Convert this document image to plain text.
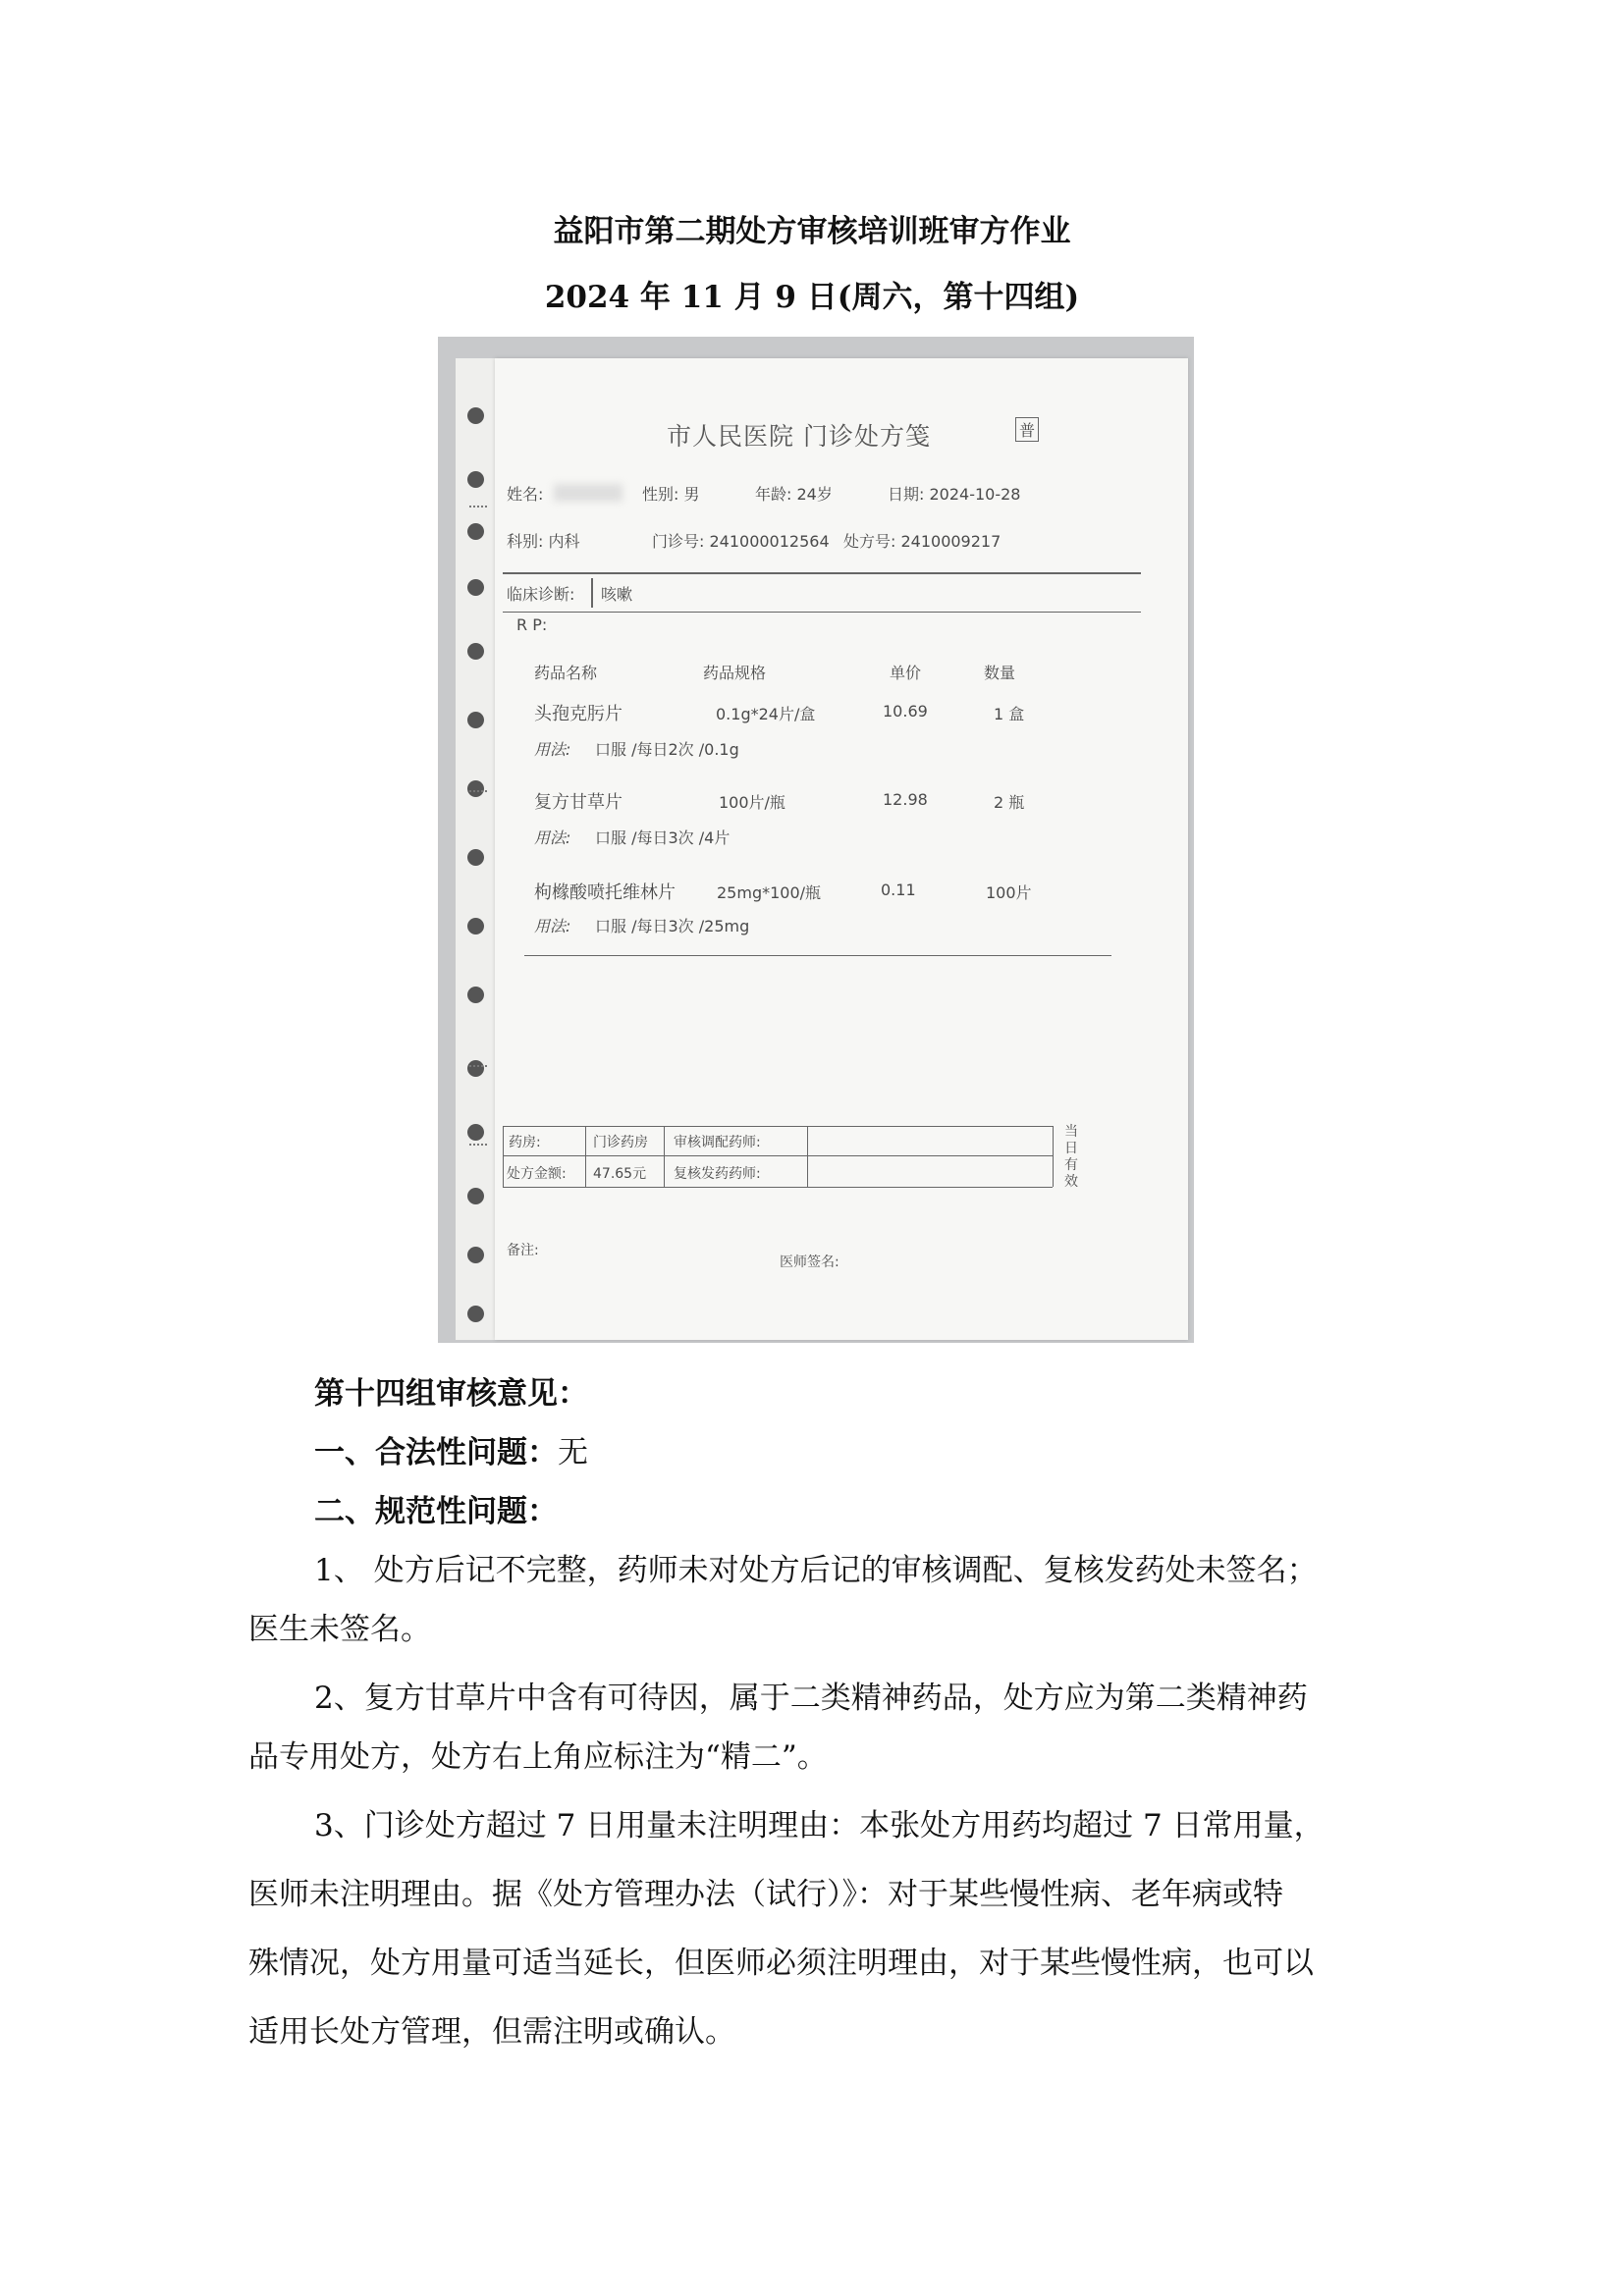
益阳市第二期处方审核培训班审方作业
2024 年 11 月 9 日(周六，第十四组)
市人民医院 门诊处方笺	普
姓名:	性别: 男	年龄: 24岁	日期: 2024-10-28
科别: 内科	门诊号: 241000012564 处方号: 2410009217
临床诊断: 咳嗽
R P:
药品名称	药品规格	单价	数量
头孢克肟片	0.1g*24片/盒	10.69	1 盒
用法: 口服 /每日2次 /0.1g
复方甘草片	100片/瓶	12.98	2 瓶
用法: 口服 /每日3次 /4片
枸橼酸喷托维林片	25mg*100/瓶	0.11	100片
用法: 口服 /每日3次 /25mg
药房:	门诊药房 审核调配药师:
处方金额: 47.65元 复核发药药师:
当日有效
备注:
医师签名:
第十四组审核意见：
一、合法性问题：无
二、规范性问题：
1、 处方后记不完整，药师未对处方后记的审核调配、复核发药处未签名；
医生未签名。
2、复方甘草片中含有可待因，属于二类精神药品，处方应为第二类精神药
品专用处方，处方右上角应标注为“精二”。
3、门诊处方超过 7 日用量未注明理由：本张处方用药均超过 7 日常用量，
医师未注明理由。据《处方管理办法（试行）》：对于某些慢性病、老年病或特
殊情况，处方用量可适当延长，但医师必须注明理由，对于某些慢性病，也可以
适用长处方管理，但需注明或确认。
